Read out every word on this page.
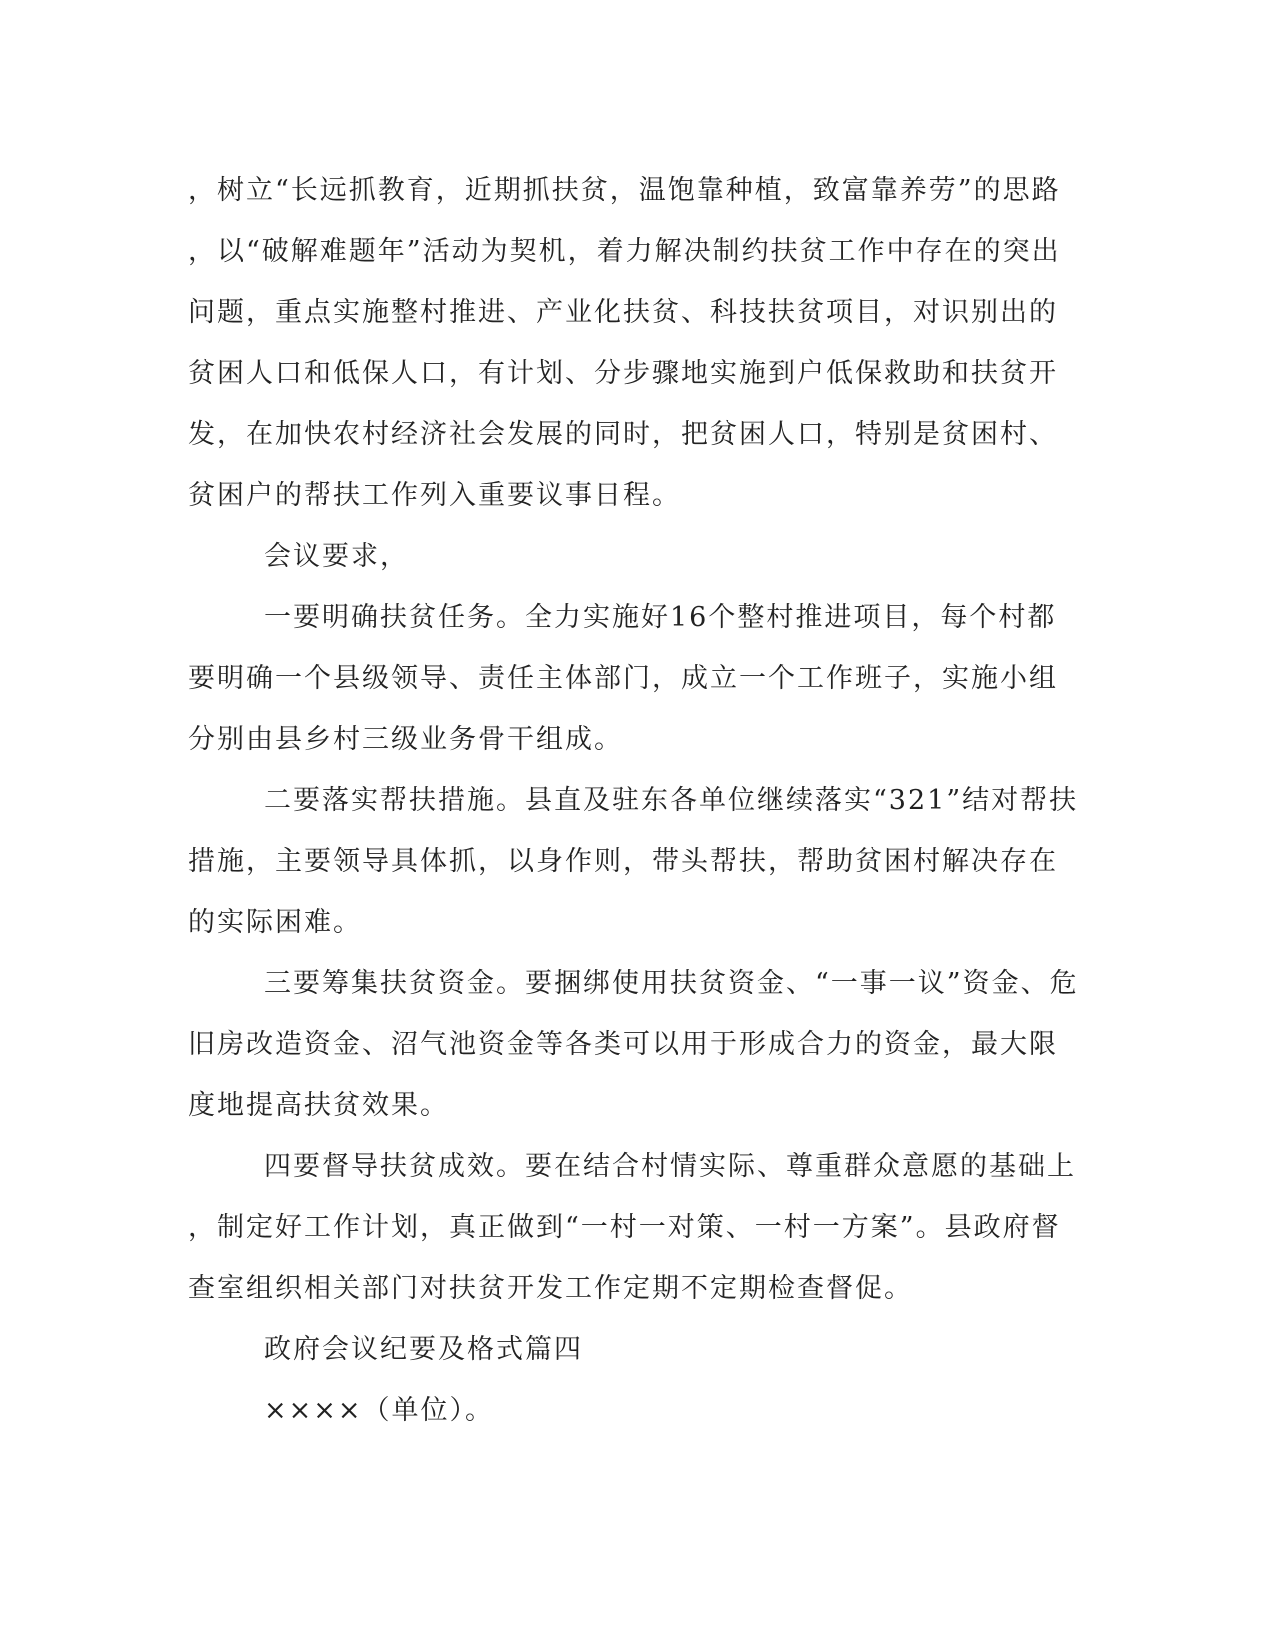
，树立“长远抓教育，近期抓扶贫，温饱靠种植，致富靠养劳”的思路
，以“破解难题年”活动为契机，着力解决制约扶贫工作中存在的突出
问题，重点实施整村推进、产业化扶贫、科技扶贫项目，对识别出的
贫困人口和低保人口，有计划、分步骤地实施到户低保救助和扶贫开
发，在加快农村经济社会发展的同时，把贫困人口，特别是贫困村、
贫困户的帮扶工作列入重要议事日程。
会议要求，
一要明确扶贫任务。全力实施好16个整村推进项目，每个村都
要明确一个县级领导、责任主体部门，成立一个工作班子，实施小组
分别由县乡村三级业务骨干组成。
二要落实帮扶措施。县直及驻东各单位继续落实“321”结对帮扶
措施，主要领导具体抓，以身作则，带头帮扶，帮助贫困村解决存在
的实际困难。
三要筹集扶贫资金。要捆绑使用扶贫资金、“一事一议”资金、危
旧房改造资金、沼气池资金等各类可以用于形成合力的资金，最大限
度地提高扶贫效果。
四要督导扶贫成效。要在结合村情实际、尊重群众意愿的基础上
，制定好工作计划，真正做到“一村一对策、一村一方案”。县政府督
查室组织相关部门对扶贫开发工作定期不定期检查督促。
政府会议纪要及格式篇四
××××（单位）。
